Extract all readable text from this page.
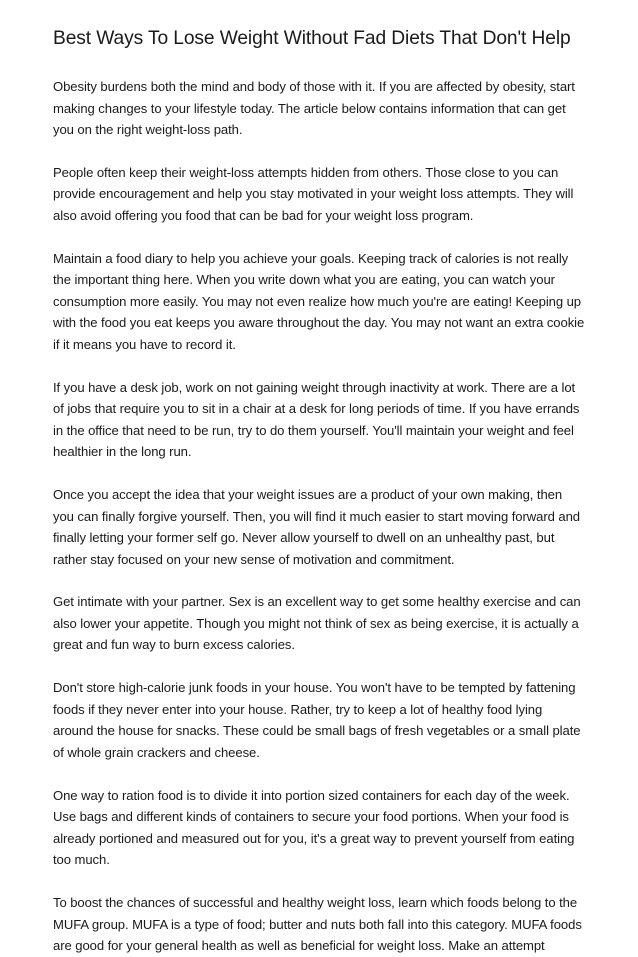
Best Ways To Lose Weight Without Fad Diets That Don't Help

Obesity burdens both the mind and body of those with it. If you are affected by obesity, start making changes to your lifestyle today. The article below contains information that can get you on the right weight-loss path.

People often keep their weight-loss attempts hidden from others. Those close to you can provide encouragement and help you stay motivated in your weight loss attempts. They will also avoid offering you food that can be bad for your weight loss program.

Maintain a food diary to help you achieve your goals. Keeping track of calories is not really the important thing here. When you write down what you are eating, you can watch your consumption more easily. You may not even realize how much you're are eating! Keeping up with the food you eat keeps you aware throughout the day. You may not want an extra cookie if it means you have to record it.

If you have a desk job, work on not gaining weight through inactivity at work. There are a lot of jobs that require you to sit in a chair at a desk for long periods of time. If you have errands in the office that need to be run, try to do them yourself. You'll maintain your weight and feel healthier in the long run.

Once you accept the idea that your weight issues are a product of your own making, then you can finally forgive yourself. Then, you will find it much easier to start moving forward and finally letting your former self go. Never allow yourself to dwell on an unhealthy past, but rather stay focused on your new sense of motivation and commitment.

Get intimate with your partner. Sex is an excellent way to get some healthy exercise and can also lower your appetite. Though you might not think of sex as being exercise, it is actually a great and fun way to burn excess calories.

Don't store high-calorie junk foods in your house. You won't have to be tempted by fattening foods if they never enter into your house. Rather, try to keep a lot of healthy food lying around the house for snacks. These could be small bags of fresh vegetables or a small plate of whole grain crackers and cheese.

One way to ration food is to divide it into portion sized containers for each day of the week. Use bags and different kinds of containers to secure your food portions. When your food is already portioned and measured out for you, it's a great way to prevent yourself from eating too much.

To boost the chances of successful and healthy weight loss, learn which foods belong to the MUFA group. MUFA is a type of food; butter and nuts both fall into this category. MUFA foods are good for your general health as well as beneficial for weight loss. Make an attempt
